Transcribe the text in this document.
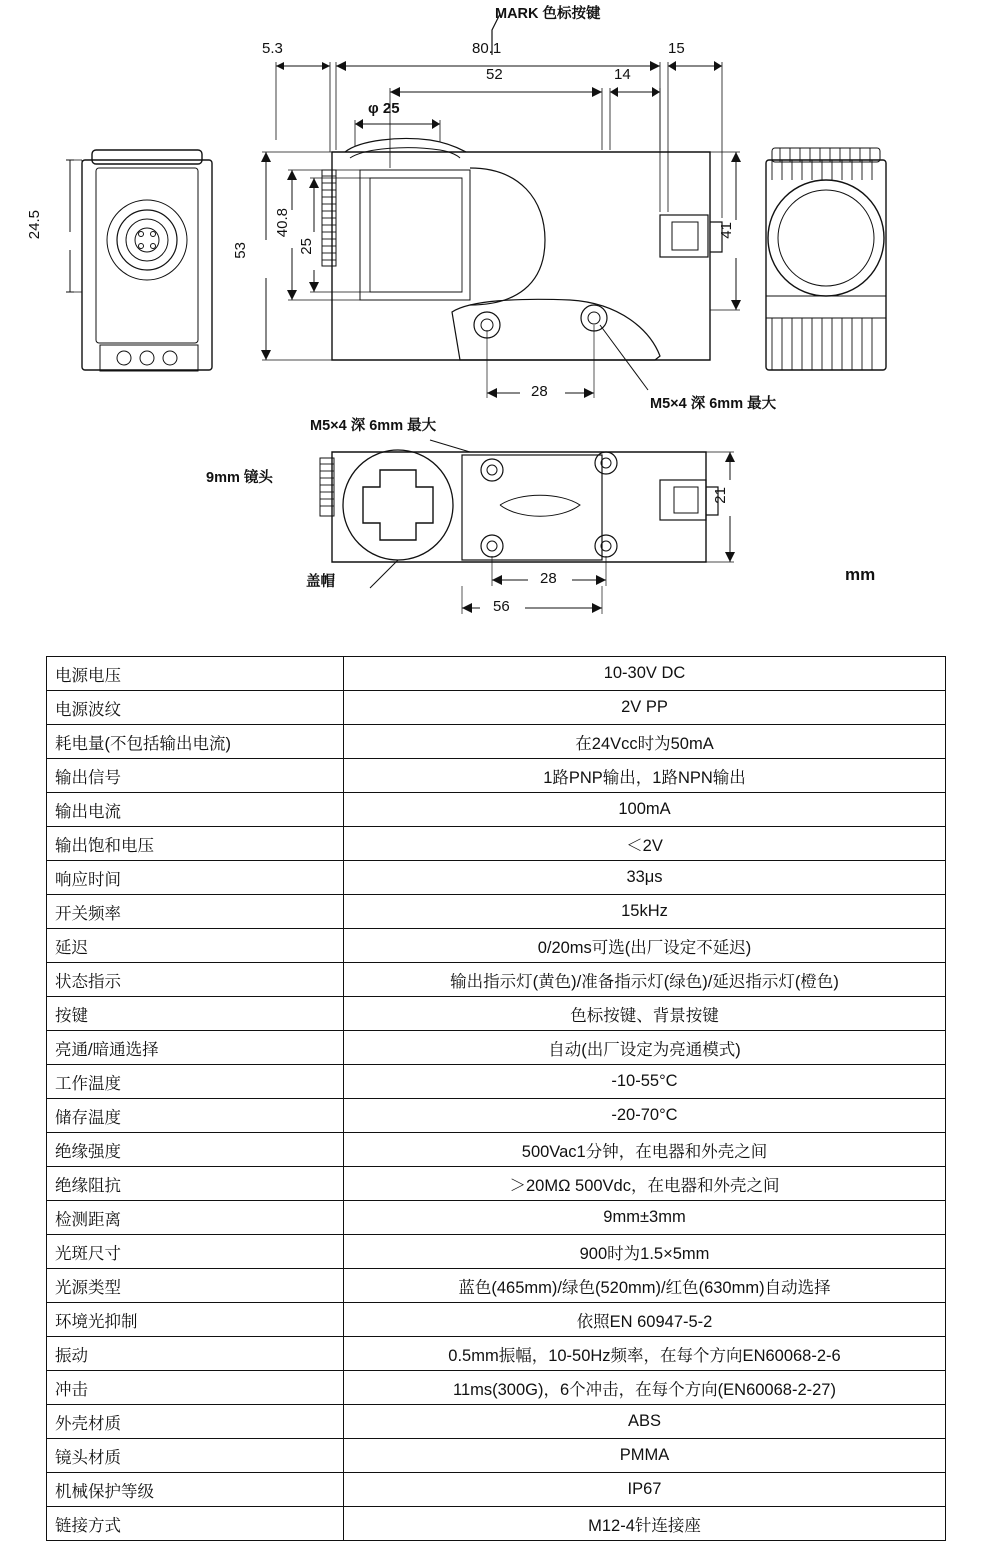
MARK 色标按键
5.3	80.1	15
52	14
φ 25
24.5
53
40.8
25
41
28
M5×4 深 6mm 最大
M5×4 深 6mm 最大
9mm 镜头
盖帽
21
28
56
mm
电源电压	10-30V DC
电源波纹	2V PP
耗电量(不包括输出电流)	在24Vcc时为50mA
输出信号	1路PNP输出，1路NPN输出
输出电流	100mA
输出饱和电压	＜2V
响应时间	33μs
开关频率	15kHz
延迟	0/20ms可选(出厂设定不延迟)
状态指示	输出指示灯(黄色)/准备指示灯(绿色)/延迟指示灯(橙色)
按键	色标按键、背景按键
亮通/暗通选择	自动(出厂设定为亮通模式)
工作温度	-10-55°C
储存温度	-20-70°C
绝缘强度	500Vac1分钟，在电器和外壳之间
绝缘阻抗	＞20MΩ 500Vdc，在电器和外壳之间
检测距离	9mm±3mm
光斑尺寸	900时为1.5×5mm
光源类型	蓝色(465mm)/绿色(520mm)/红色(630mm)自动选择
环境光抑制	依照EN 60947-5-2
振动	0.5mm振幅，10-50Hz频率，在每个方向EN60068-2-6
冲击	11ms(300G)，6个冲击，在每个方向(EN60068-2-27)
外壳材质	ABS
镜头材质	PMMA
机械保护等级	IP67
链接方式	M12-4针连接座
